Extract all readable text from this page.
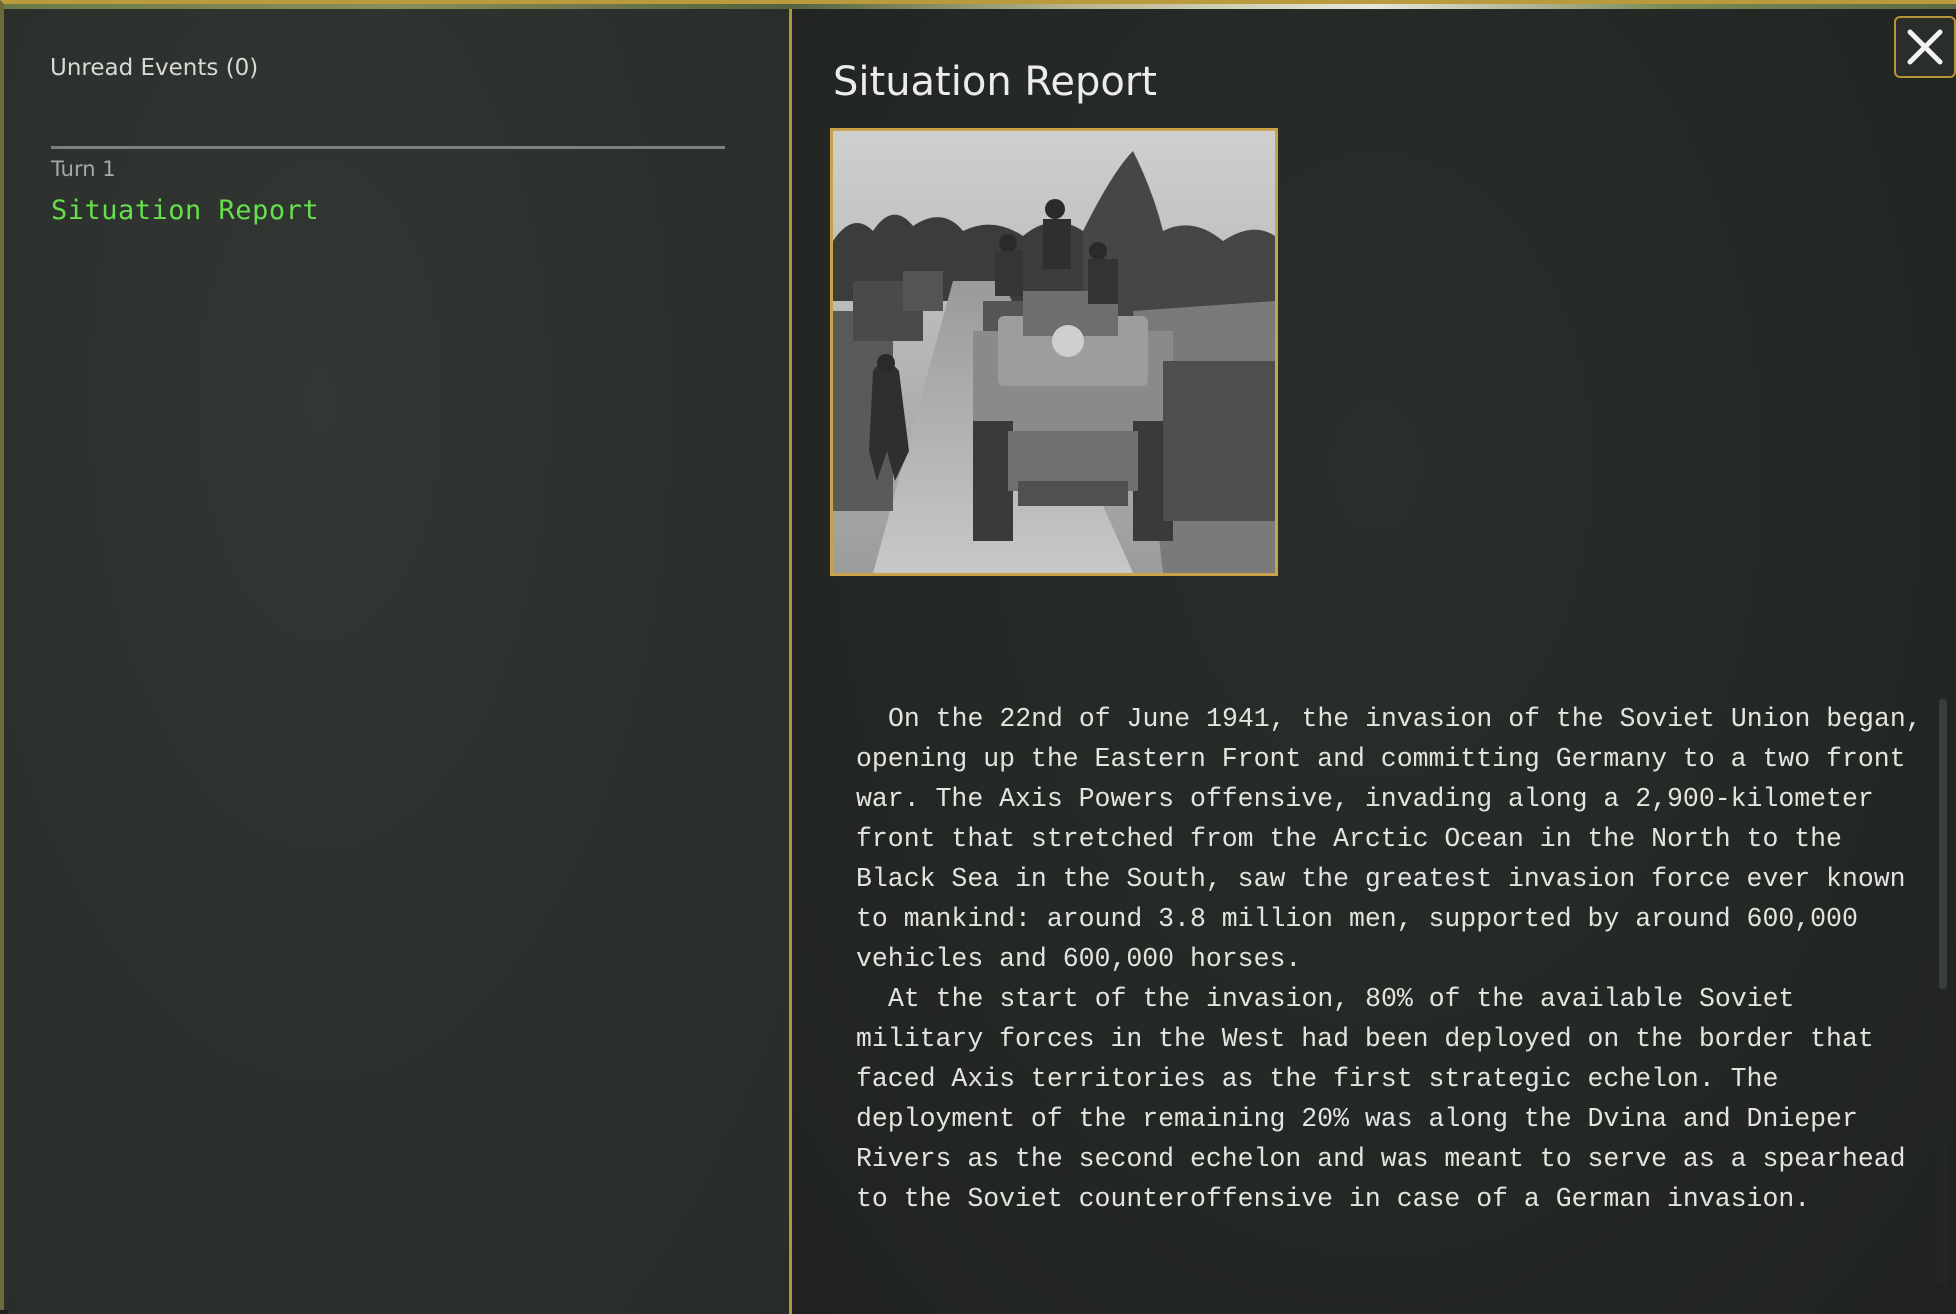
Unread Events (0)
Turn 1
Situation Report
Situation Report

On the 22nd of June 1941, the invasion of the Soviet Union began, opening up the Eastern Front and committing Germany to a two front war. The Axis Powers offensive, invading along a 2,900-kilometer front that stretched from the Arctic Ocean in the North to the Black Sea in the South, saw the greatest invasion force ever known to mankind: around 3.8 million men, supported by around 600,000 vehicles and 600,000 horses.

At the start of the invasion, 80% of the available Soviet military forces in the West had been deployed on the border that faced Axis territories as the first strategic echelon. The deployment of the remaining 20% was along the Dvina and Dnieper Rivers as the second echelon and was meant to serve as a spearhead to the Soviet counteroffensive in case of a German invasion.
